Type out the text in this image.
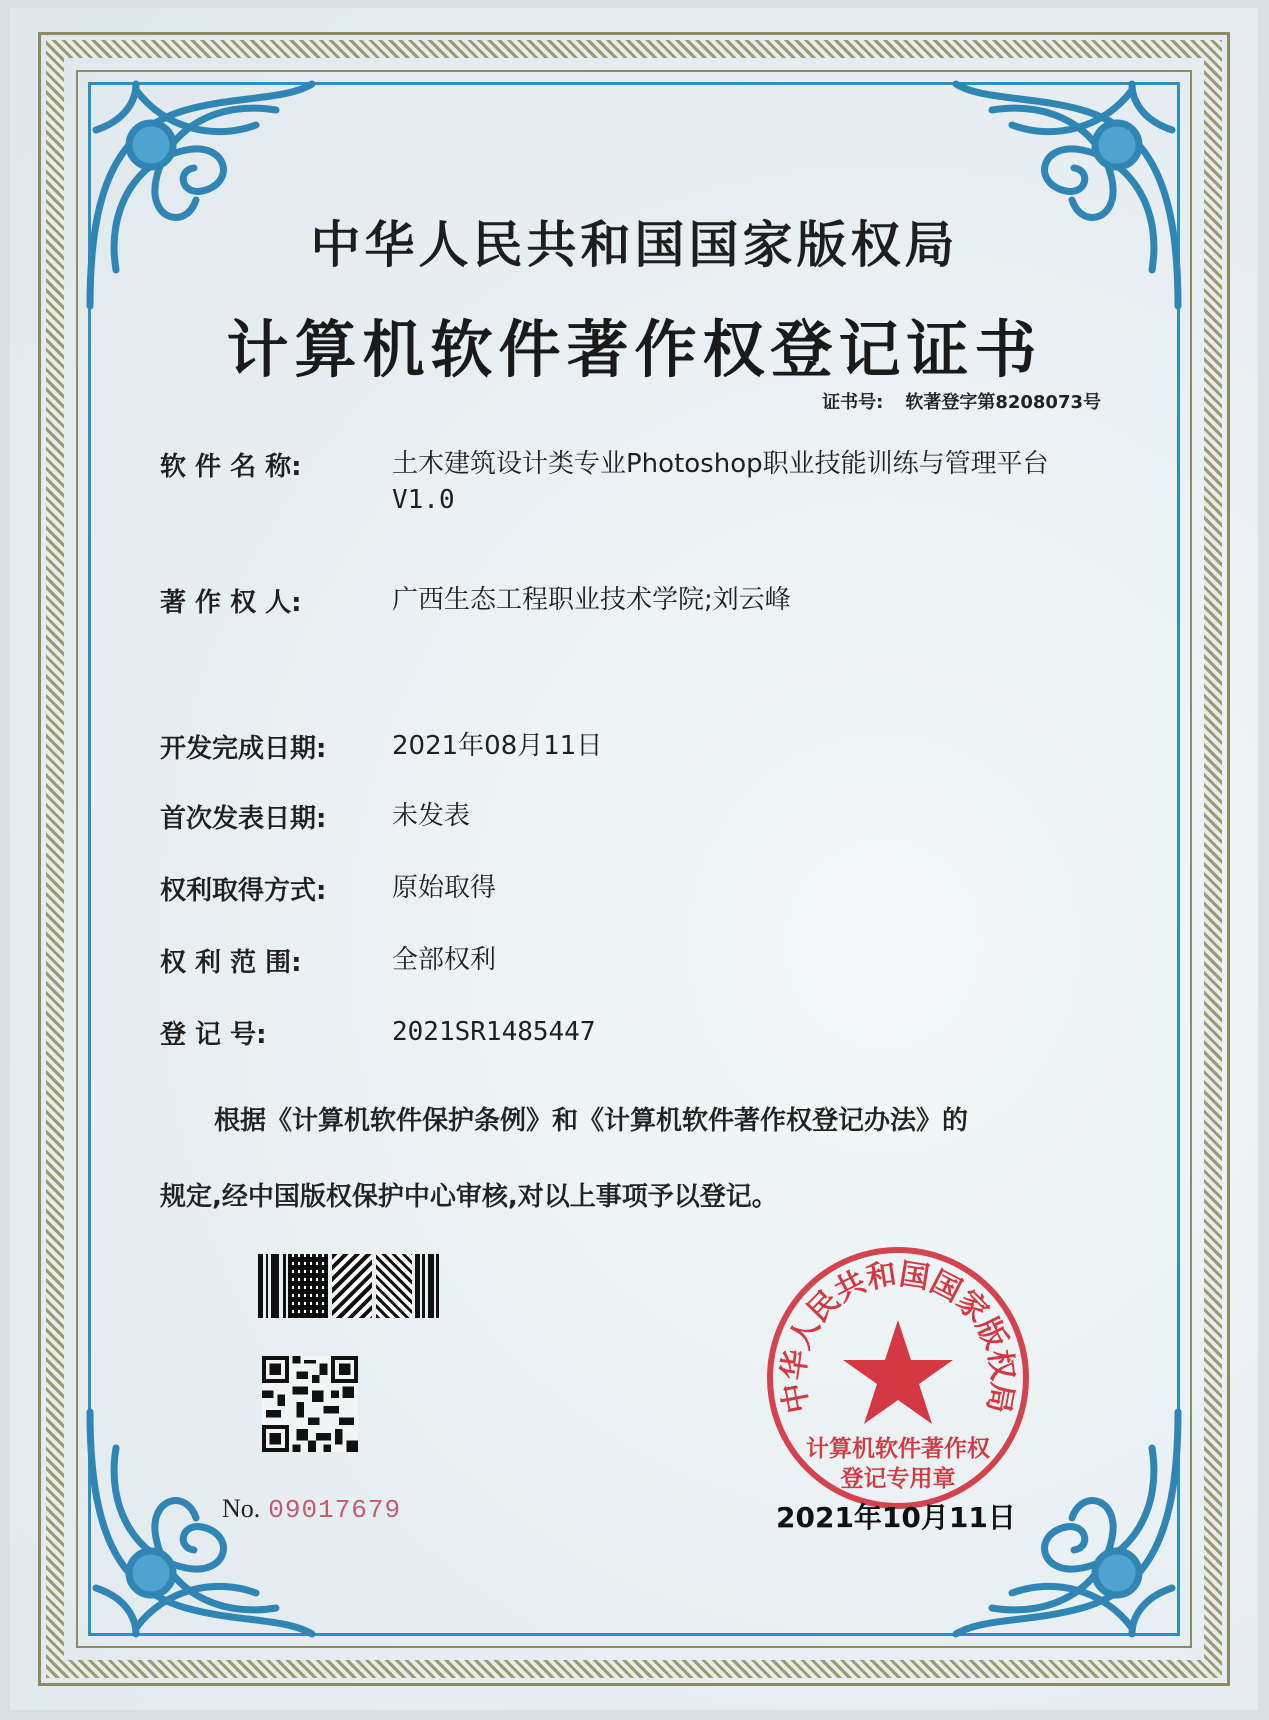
中华人民共和国国家版权局
计算机软件著作权登记证书
证书号: 软著登字第8208073号
软 件 名 称:	土木建筑设计类专业Photoshop职业技能训练与管理平台
V1.0
著 作 权 人:	广西生态工程职业技术学院;刘云峰
开发完成日期:	2021年08月11日
首次发表日期:	未发表
权利取得方式:	原始取得
权 利 范 围:	全部权利
登 记 号:	2021SR1485447
根据《计算机软件保护条例》和《计算机软件著作权登记办法》的
规定,经中国版权保护中心审核,对以上事项予以登记。
No. 09017679
中华人民共和国国家版权局
计算机软件著作权
登记专用章
2021年10月11日
